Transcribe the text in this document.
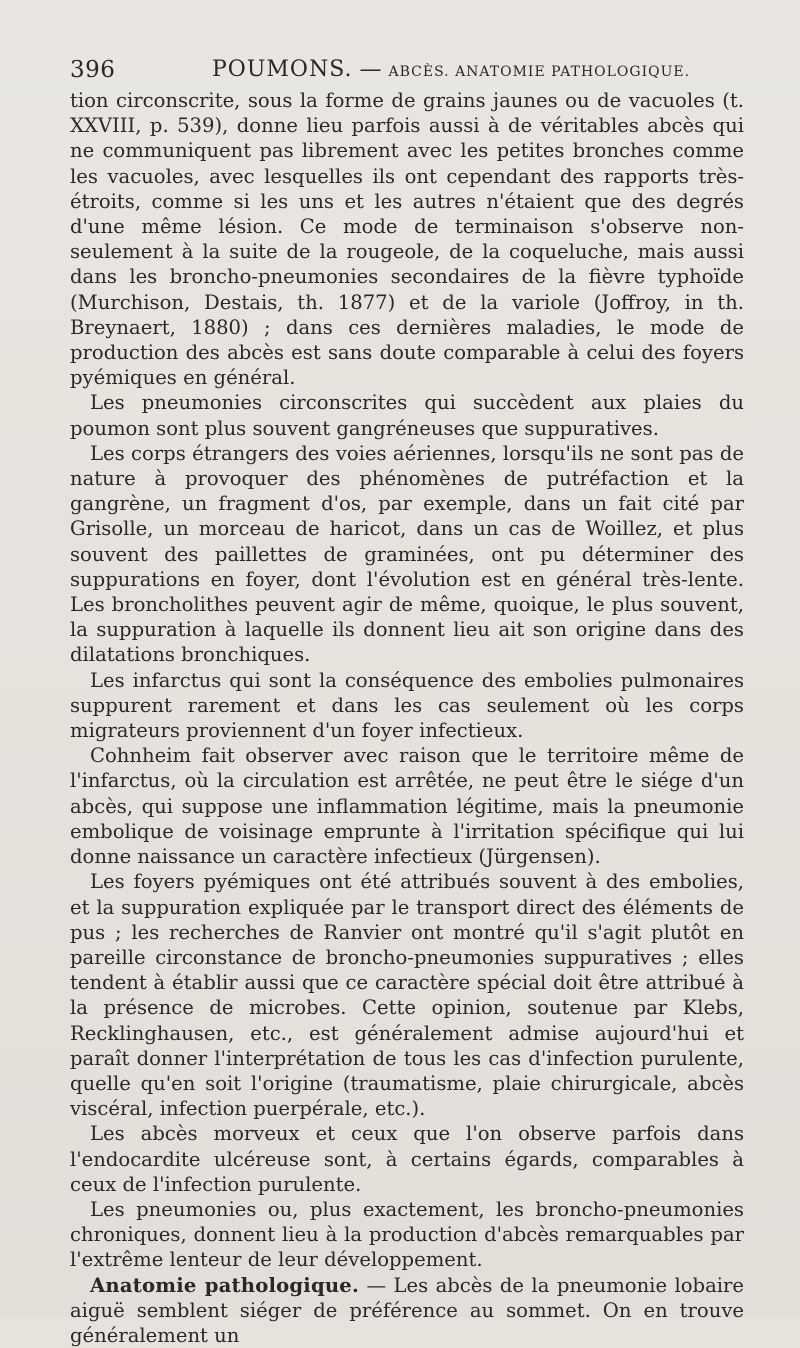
396	POUMONS. — ABCÈS. ANATOMIE PATHOLOGIQUE.

tion circonscrite, sous la forme de grains jaunes ou de vacuoles (t. XXVIII, p. 539), donne lieu parfois aussi à de véritables abcès qui ne communiquent pas librement avec les petites bronches comme les vacuoles, avec lesquelles ils ont cependant des rapports très-étroits, comme si les uns et les autres n'étaient que des degrés d'une même lésion. Ce mode de terminaison s'observe non-seulement à la suite de la rougeole, de la coqueluche, mais aussi dans les broncho-pneumonies secondaires de la fièvre typhoïde (Murchison, Destais, th. 1877) et de la variole (Joffroy, in th. Breynaert, 1880) ; dans ces dernières maladies, le mode de production des abcès est sans doute comparable à celui des foyers pyémiques en général.

Les pneumonies circonscrites qui succèdent aux plaies du poumon sont plus souvent gangréneuses que suppuratives.

Les corps étrangers des voies aériennes, lorsqu'ils ne sont pas de nature à provoquer des phénomènes de putréfaction et la gangrène, un fragment d'os, par exemple, dans un fait cité par Grisolle, un morceau de haricot, dans un cas de Woillez, et plus souvent des paillettes de graminées, ont pu déterminer des suppurations en foyer, dont l'évolution est en général très-lente. Les broncholithes peuvent agir de même, quoique, le plus souvent, la suppuration à laquelle ils donnent lieu ait son origine dans des dilatations bronchiques.

Les infarctus qui sont la conséquence des embolies pulmonaires suppurent rarement et dans les cas seulement où les corps migrateurs proviennent d'un foyer infectieux.

Cohnheim fait observer avec raison que le territoire même de l'infarctus, où la circulation est arrêtée, ne peut être le siége d'un abcès, qui suppose une inflammation légitime, mais la pneumonie embolique de voisinage emprunte à l'irritation spécifique qui lui donne naissance un caractère infectieux (Jürgensen).

Les foyers pyémiques ont été attribués souvent à des embolies, et la suppuration expliquée par le transport direct des éléments de pus ; les recherches de Ranvier ont montré qu'il s'agit plutôt en pareille circonstance de broncho-pneumonies suppuratives ; elles tendent à établir aussi que ce caractère spécial doit être attribué à la présence de microbes. Cette opinion, soutenue par Klebs, Recklinghausen, etc., est généralement admise aujourd'hui et paraît donner l'interprétation de tous les cas d'infection purulente, quelle qu'en soit l'origine (traumatisme, plaie chirurgicale, abcès viscéral, infection puerpérale, etc.).

Les abcès morveux et ceux que l'on observe parfois dans l'endocardite ulcéreuse sont, à certains égards, comparables à ceux de l'infection purulente.

Les pneumonies ou, plus exactement, les broncho-pneumonies chroniques, donnent lieu à la production d'abcès remarquables par l'extrême lenteur de leur développement.

Anatomie pathologique. — Les abcès de la pneumonie lobaire aiguë semblent siéger de préférence au sommet. On en trouve généralement un
